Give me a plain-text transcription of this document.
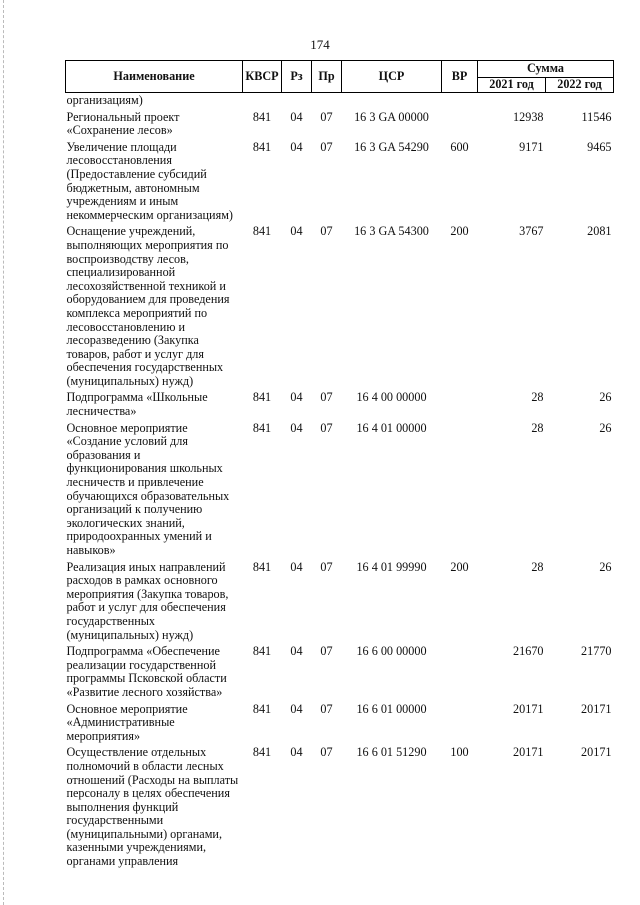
174
Наименование	КВСР	Рз	Пр	ЦСР	ВР	Сумма	
						2021 год	2022 год
организациям)							
Региональный проект «Сохранение лесов»	841	04	07	16 3 GA 00000		12938	11546
Увеличение площади лесовосстановления (Предоставление субсидий бюджетным, автономным учреждениям и иным некоммерческим организациям)	841	04	07	16 3 GA 54290	600	9171	9465
Оснащение учреждений, выполняющих мероприятия по воспроизводству лесов, специализированной лесохозяйственной техникой и оборудованием для проведения комплекса мероприятий по лесовосстановлению и лесоразведению (Закупка товаров, работ и услуг для обеспечения государственных (муниципальных) нужд)	841	04	07	16 3 GA 54300	200	3767	2081
Подпрограмма «Школьные лесничества»	841	04	07	16 4 00 00000		28	26
Основное мероприятие «Создание условий для образования и функционирования школьных лесничеств и привлечение обучающихся образовательных организаций к получению экологических знаний, природоохранных умений и навыков»	841	04	07	16 4 01 00000		28	26
Реализация иных направлений расходов в рамках основного мероприятия (Закупка товаров, работ и услуг для обеспечения государственных (муниципальных) нужд)	841	04	07	16 4 01 99990	200	28	26
Подпрограмма «Обеспечение реализации государственной программы Псковской области «Развитие лесного хозяйства»	841	04	07	16 6 00 00000		21670	21770
Основное мероприятие «Административные мероприятия»	841	04	07	16 6 01 00000		20171	20171
Осуществление отдельных полномочий в области лесных отношений (Расходы на выплаты персоналу в целях обеспечения выполнения функций государственными (муниципальными) органами, казенными учреждениями, органами управления	841	04	07	16 6 01 51290	100	20171	20171
